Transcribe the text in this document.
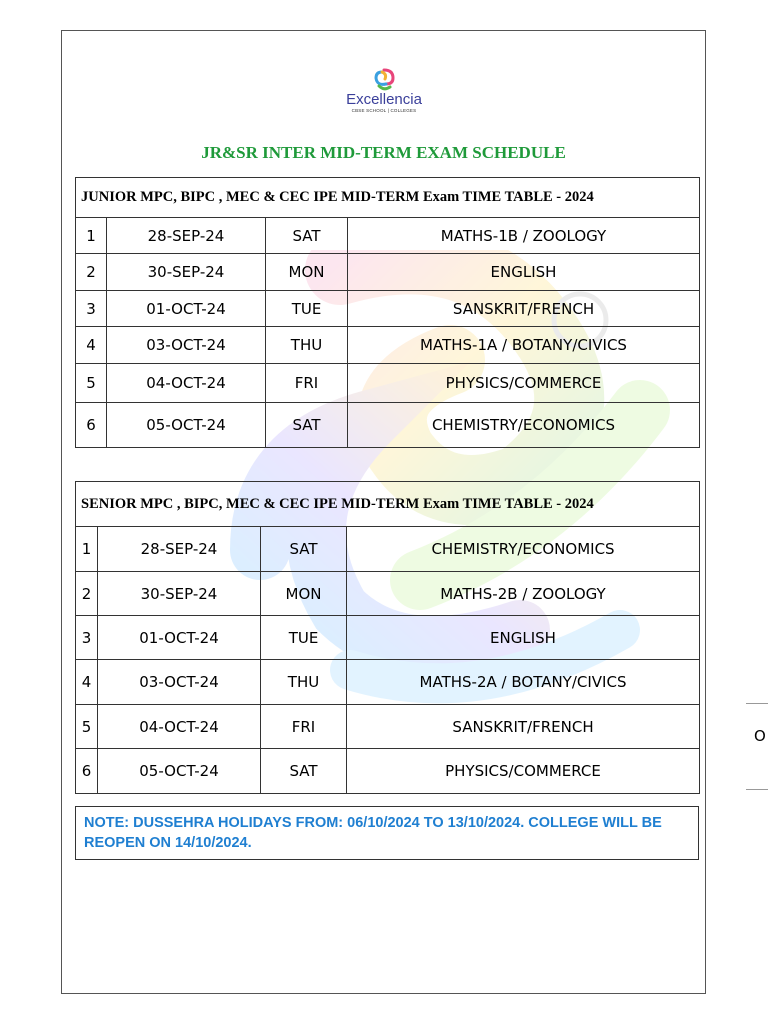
Excellencia
CBSE SCHOOL | COLLEGES
JR&SR INTER MID-TERM EXAM SCHEDULE
JUNIOR MPC, BIPC , MEC & CEC IPE MID-TERM Exam TIME TABLE - 2024			
1	28-SEP-24	SAT	MATHS-1B / ZOOLOGY
2	30-SEP-24	MON	ENGLISH
3	01-OCT-24	TUE	SANSKRIT/FRENCH
4	03-OCT-24	THU	MATHS-1A / BOTANY/CIVICS
5	04-OCT-24	FRI	PHYSICS/COMMERCE
6	05-OCT-24	SAT	CHEMISTRY/ECONOMICS
SENIOR MPC , BIPC, MEC & CEC IPE MID-TERM Exam TIME TABLE - 2024			
1	28-SEP-24	SAT	CHEMISTRY/ECONOMICS
2	30-SEP-24	MON	MATHS-2B / ZOOLOGY
3	01-OCT-24	TUE	ENGLISH
4	03-OCT-24	THU	MATHS-2A / BOTANY/CIVICS
5	04-OCT-24	FRI	SANSKRIT/FRENCH
6	05-OCT-24	SAT	PHYSICS/COMMERCE
NOTE: DUSSEHRA HOLIDAYS FROM: 06/10/2024 TO 13/10/2024. COLLEGE WILL BE REOPEN ON 14/10/2024.
O
